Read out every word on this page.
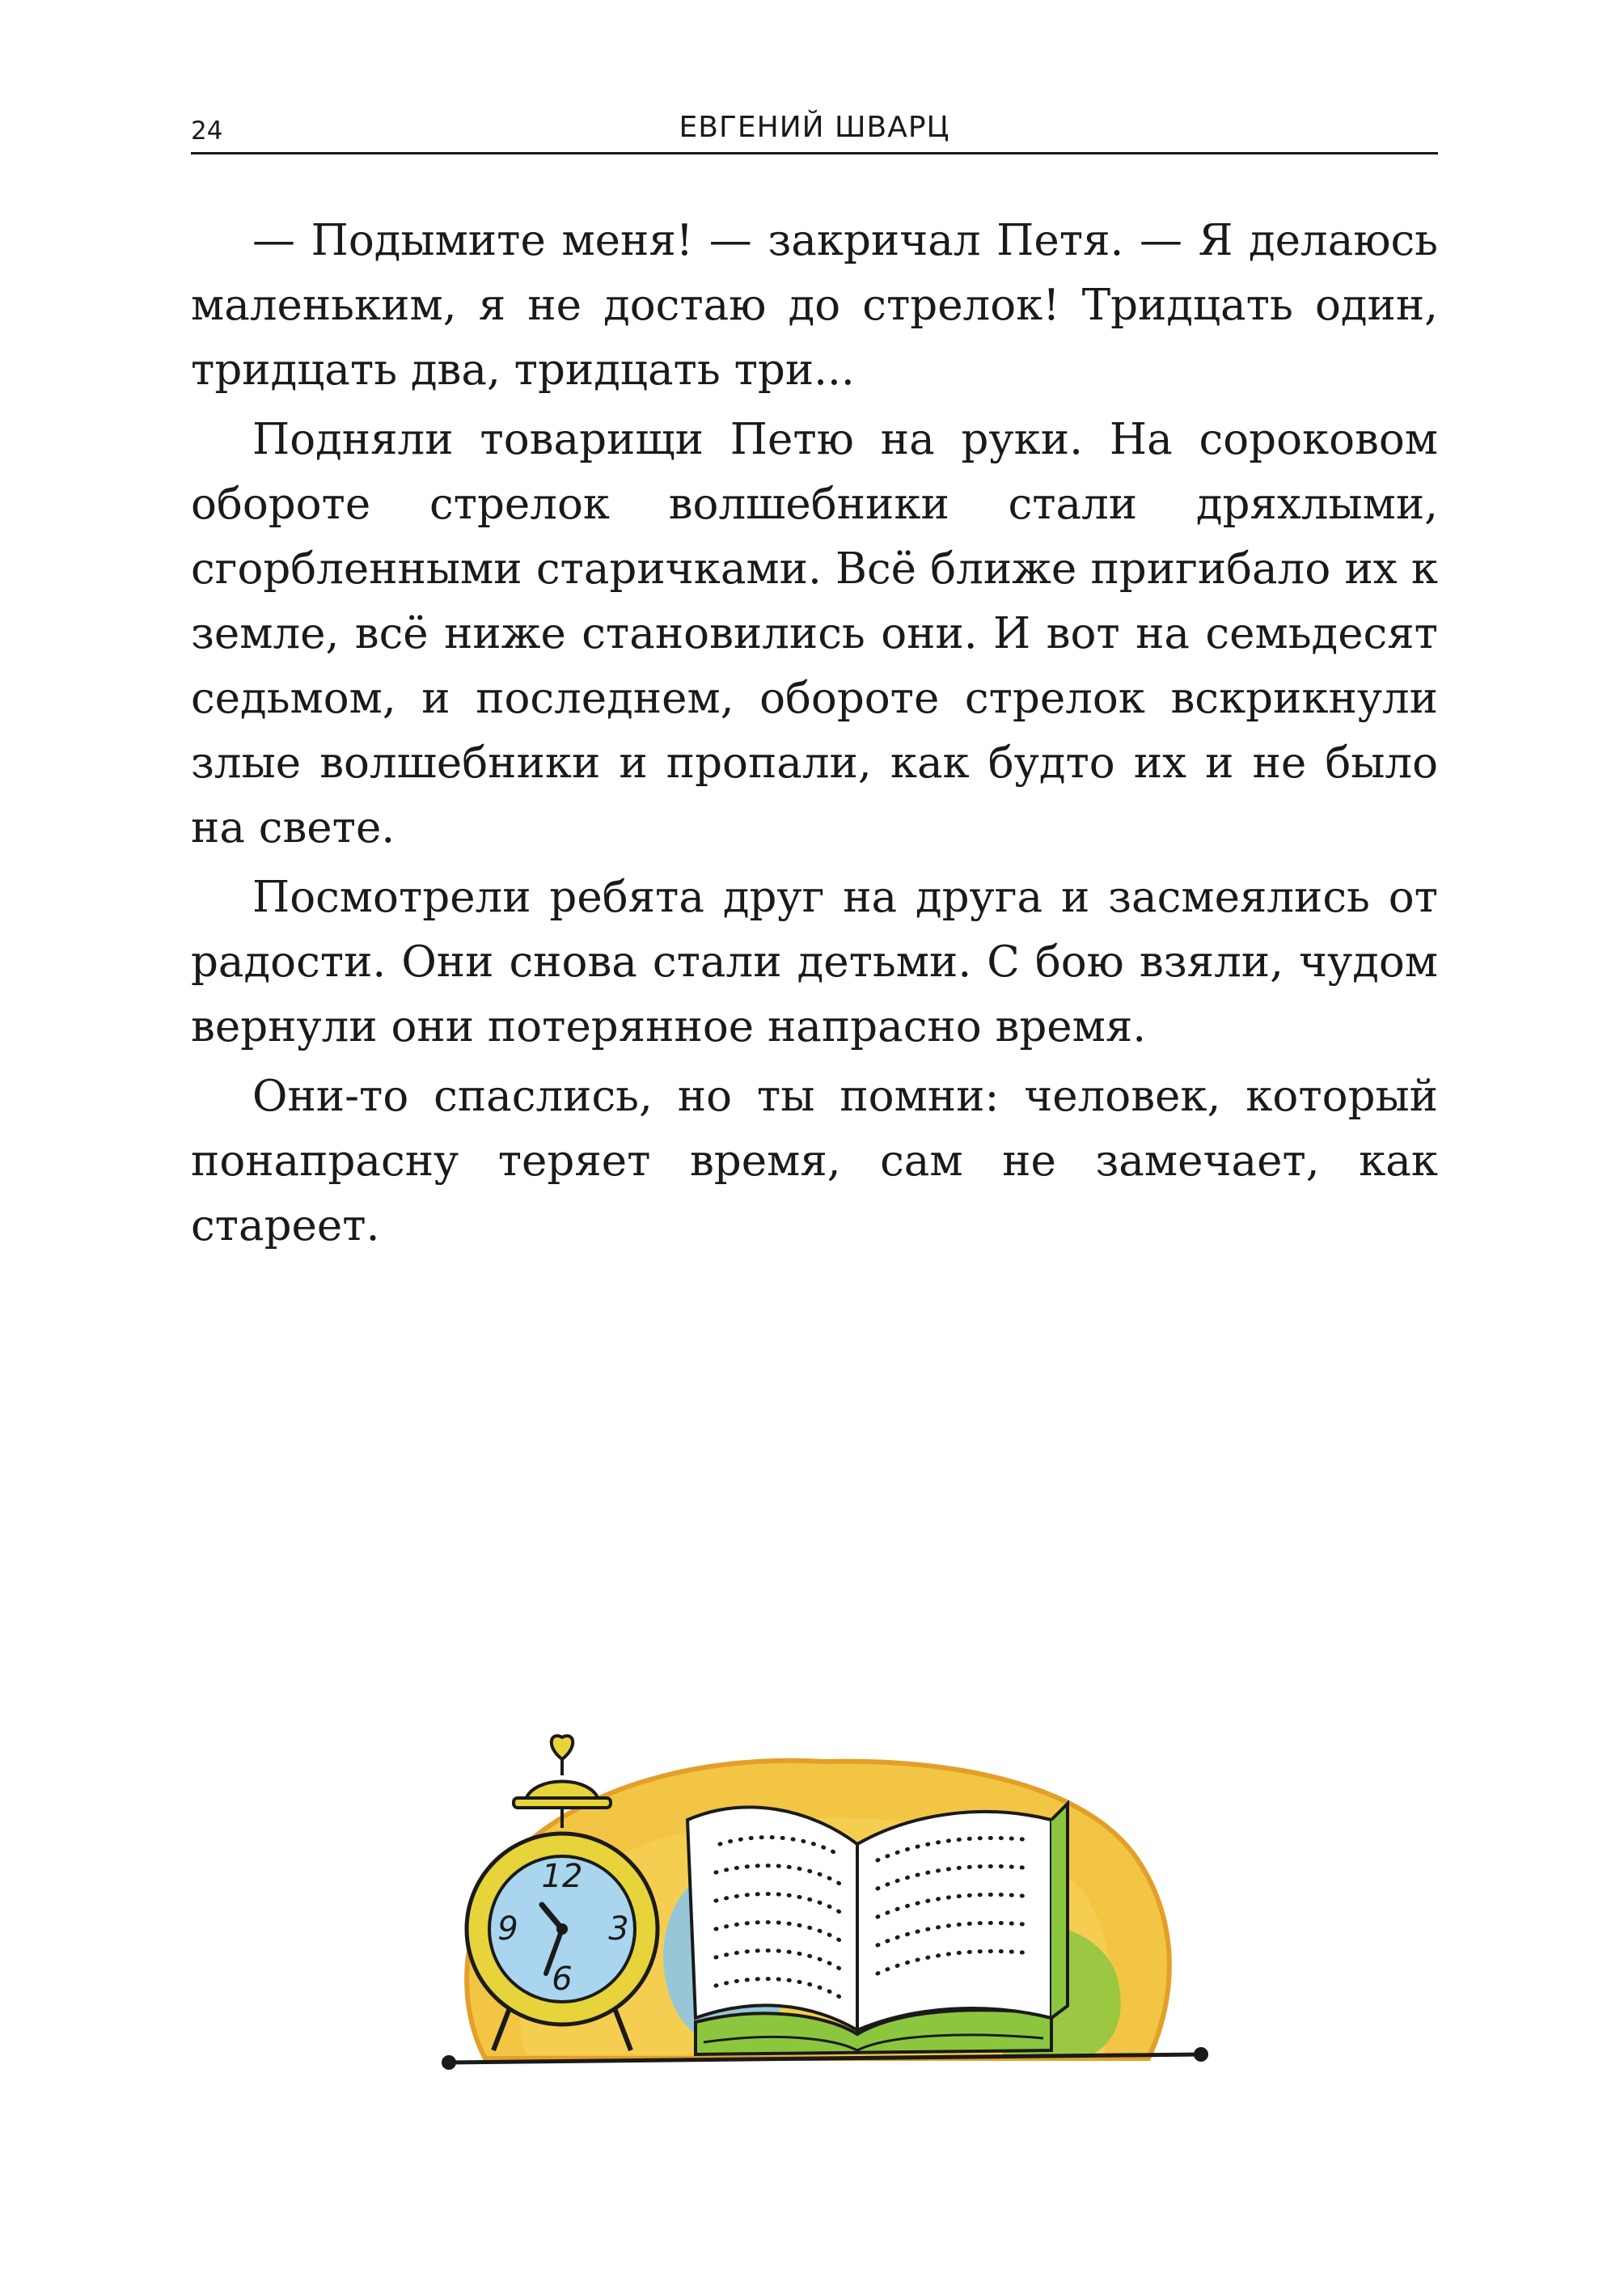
24	ЕВГЕНИЙ ШВАРЦ

— Подымите меня! — закричал Петя. — Я делаюсь маленьким, я не достаю до стрелок! Тридцать один, тридцать два, тридцать три...

Подняли товарищи Петю на руки. На сороковом обороте стрелок волшебники стали дряхлыми, сгорбленными старичками. Всё ближе пригибало их к земле, всё ниже становились они. И вот на семьдесят седьмом, и последнем, обороте стрелок вскрикнули злые волшебники и пропали, как будто их и не было на свете.

Посмотрели ребята друг на друга и засмеялись от радости. Они снова стали детьми. С бою взяли, чудом вернули они потерянное напрасно время.

Они-то спаслись, но ты помни: человек, который понапрасну теряет время, сам не замечает, как стареет.

12
3
6
9
